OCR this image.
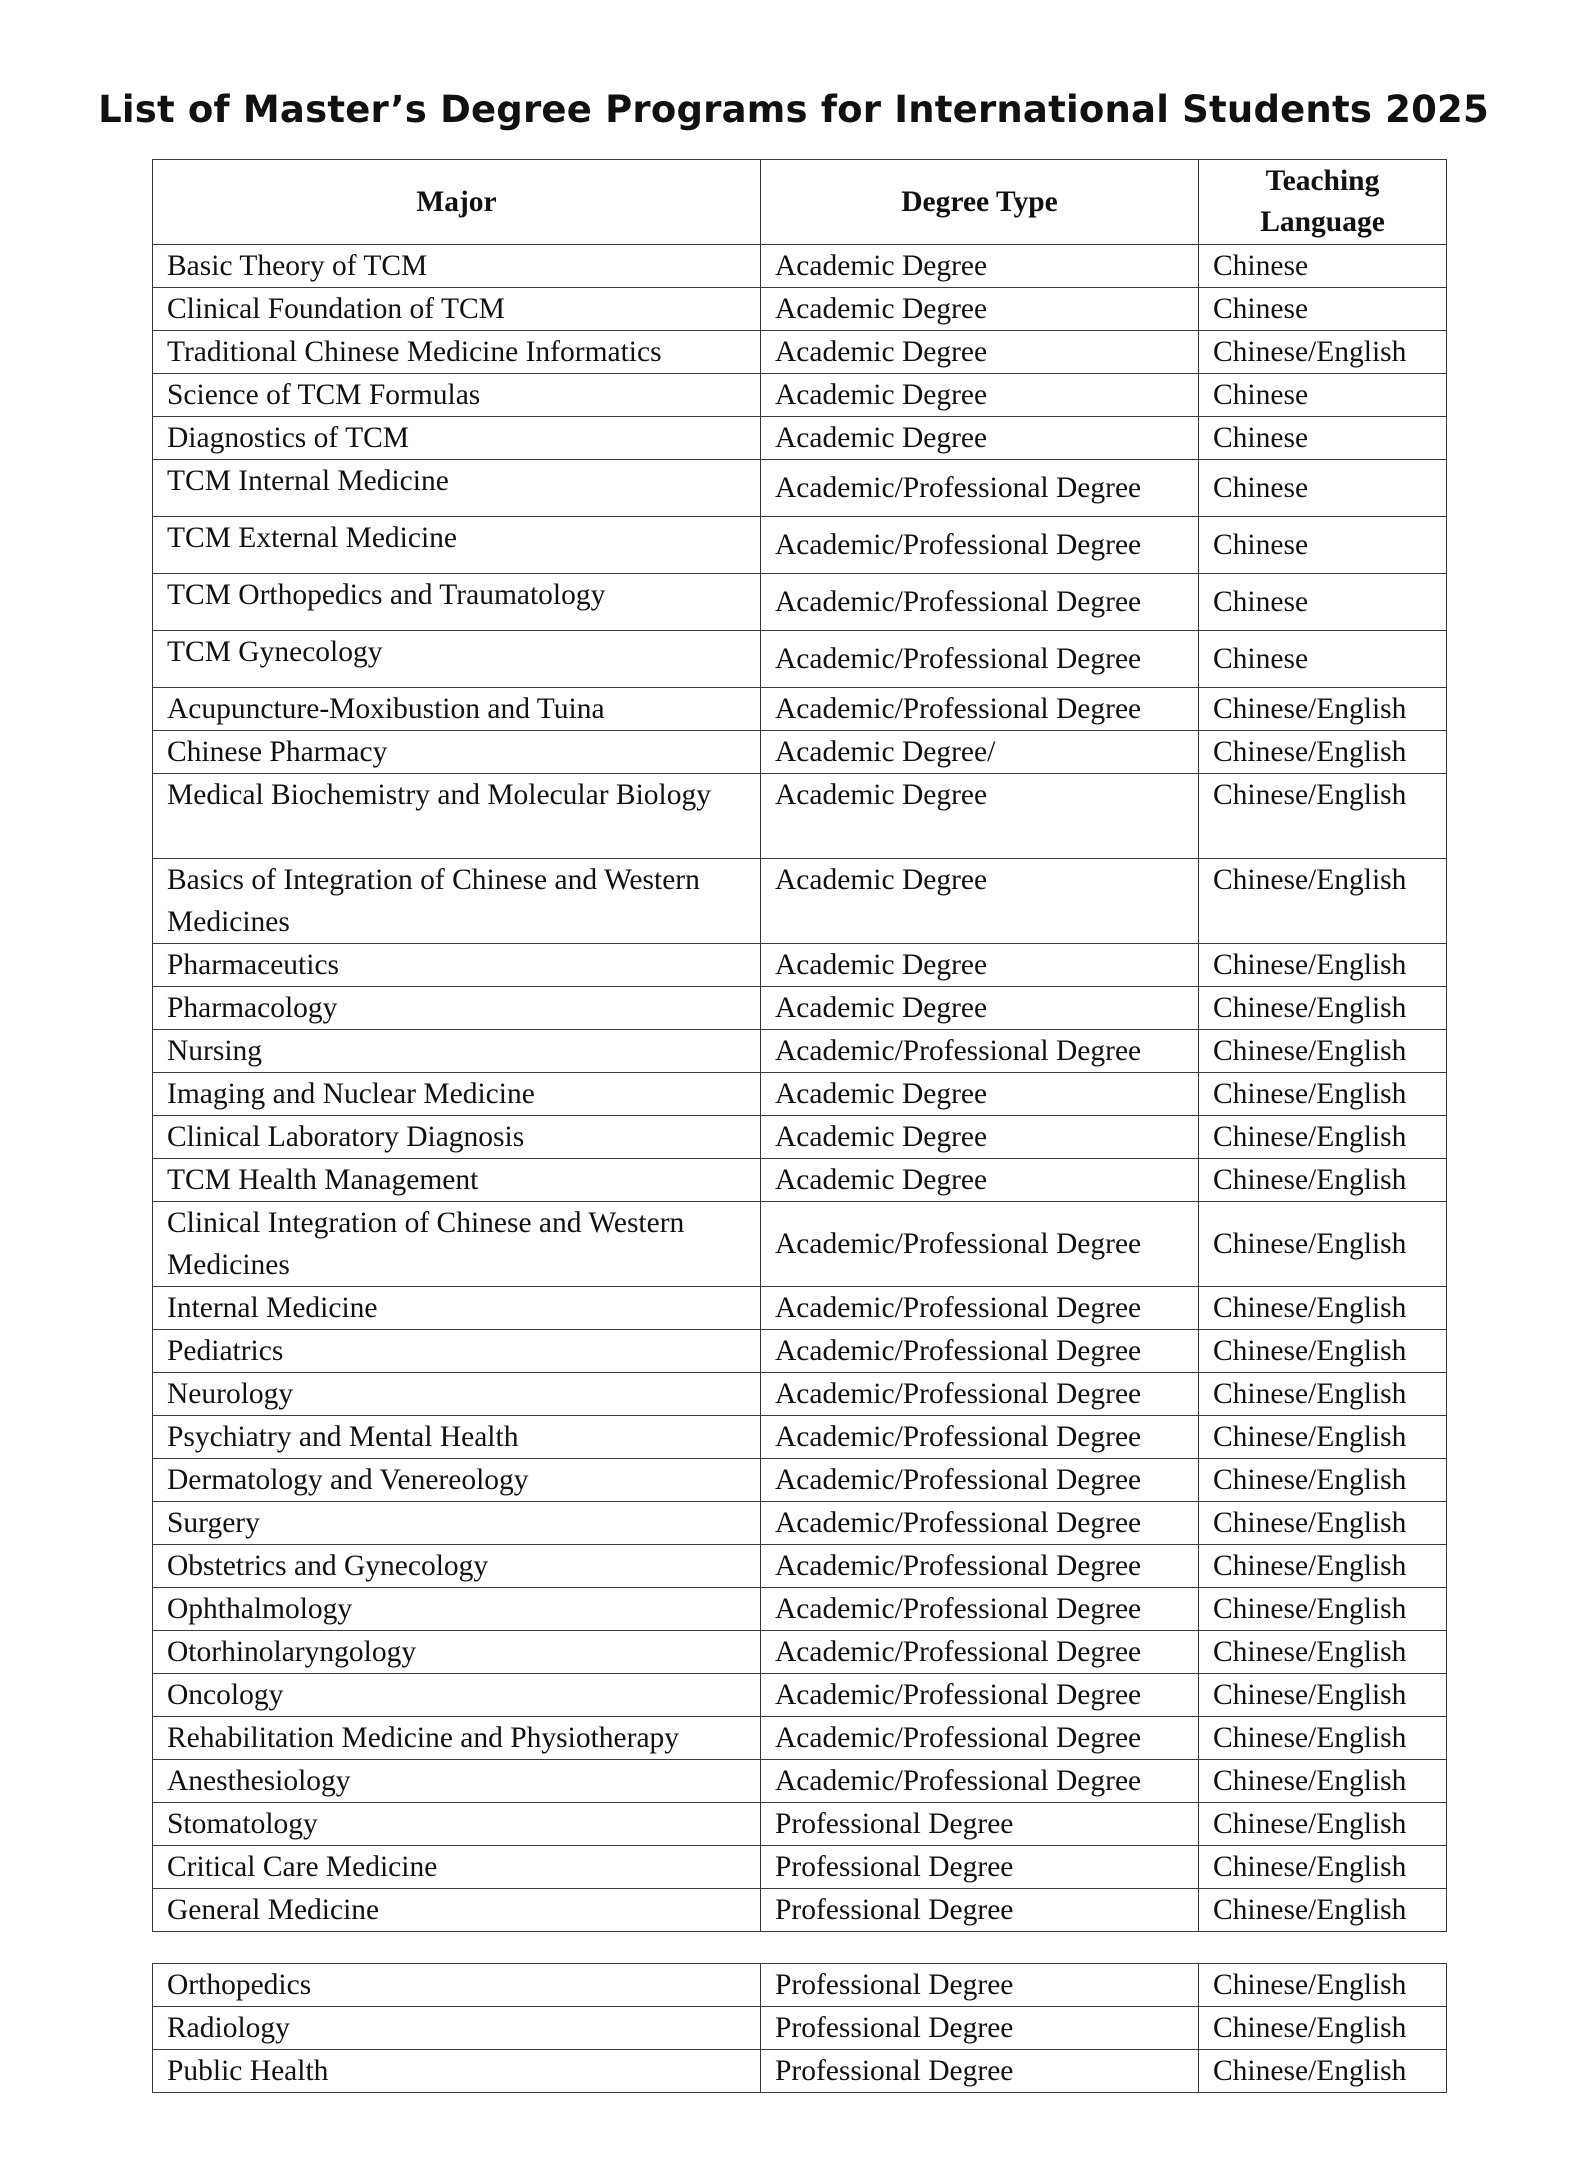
List of Master’s Degree Programs for International Students 2025
Major	Degree Type	Teaching
Language
Basic Theory of TCM	Academic Degree	Chinese
Clinical Foundation of TCM	Academic Degree	Chinese
Traditional Chinese Medicine Informatics	Academic Degree	Chinese/English
Science of TCM Formulas	Academic Degree	Chinese
Diagnostics of TCM	Academic Degree	Chinese
TCM Internal Medicine	Academic/Professional Degree	Chinese
TCM External Medicine	Academic/Professional Degree	Chinese
TCM Orthopedics and Traumatology	Academic/Professional Degree	Chinese
TCM Gynecology	Academic/Professional Degree	Chinese
Acupuncture-Moxibustion and Tuina	Academic/Professional Degree	Chinese/English
Chinese Pharmacy	Academic Degree/	Chinese/English
Medical Biochemistry and Molecular Biology	Academic Degree	Chinese/English
Basics of Integration of Chinese and Western Medicines	Academic Degree	Chinese/English
Pharmaceutics	Academic Degree	Chinese/English
Pharmacology	Academic Degree	Chinese/English
Nursing	Academic/Professional Degree	Chinese/English
Imaging and Nuclear Medicine	Academic Degree	Chinese/English
Clinical Laboratory Diagnosis	Academic Degree	Chinese/English
TCM Health Management	Academic Degree	Chinese/English
Clinical Integration of Chinese and Western Medicines	Academic/Professional Degree	Chinese/English
Internal Medicine	Academic/Professional Degree	Chinese/English
Pediatrics	Academic/Professional Degree	Chinese/English
Neurology	Academic/Professional Degree	Chinese/English
Psychiatry and Mental Health	Academic/Professional Degree	Chinese/English
Dermatology and Venereology	Academic/Professional Degree	Chinese/English
Surgery	Academic/Professional Degree	Chinese/English
Obstetrics and Gynecology	Academic/Professional Degree	Chinese/English
Ophthalmology	Academic/Professional Degree	Chinese/English
Otorhinolaryngology	Academic/Professional Degree	Chinese/English
Oncology	Academic/Professional Degree	Chinese/English
Rehabilitation Medicine and Physiotherapy	Academic/Professional Degree	Chinese/English
Anesthesiology	Academic/Professional Degree	Chinese/English
Stomatology	Professional Degree	Chinese/English
Critical Care Medicine	Professional Degree	Chinese/English
General Medicine	Professional Degree	Chinese/English
Orthopedics	Professional Degree	Chinese/English
Radiology	Professional Degree	Chinese/English
Public Health	Professional Degree	Chinese/English
